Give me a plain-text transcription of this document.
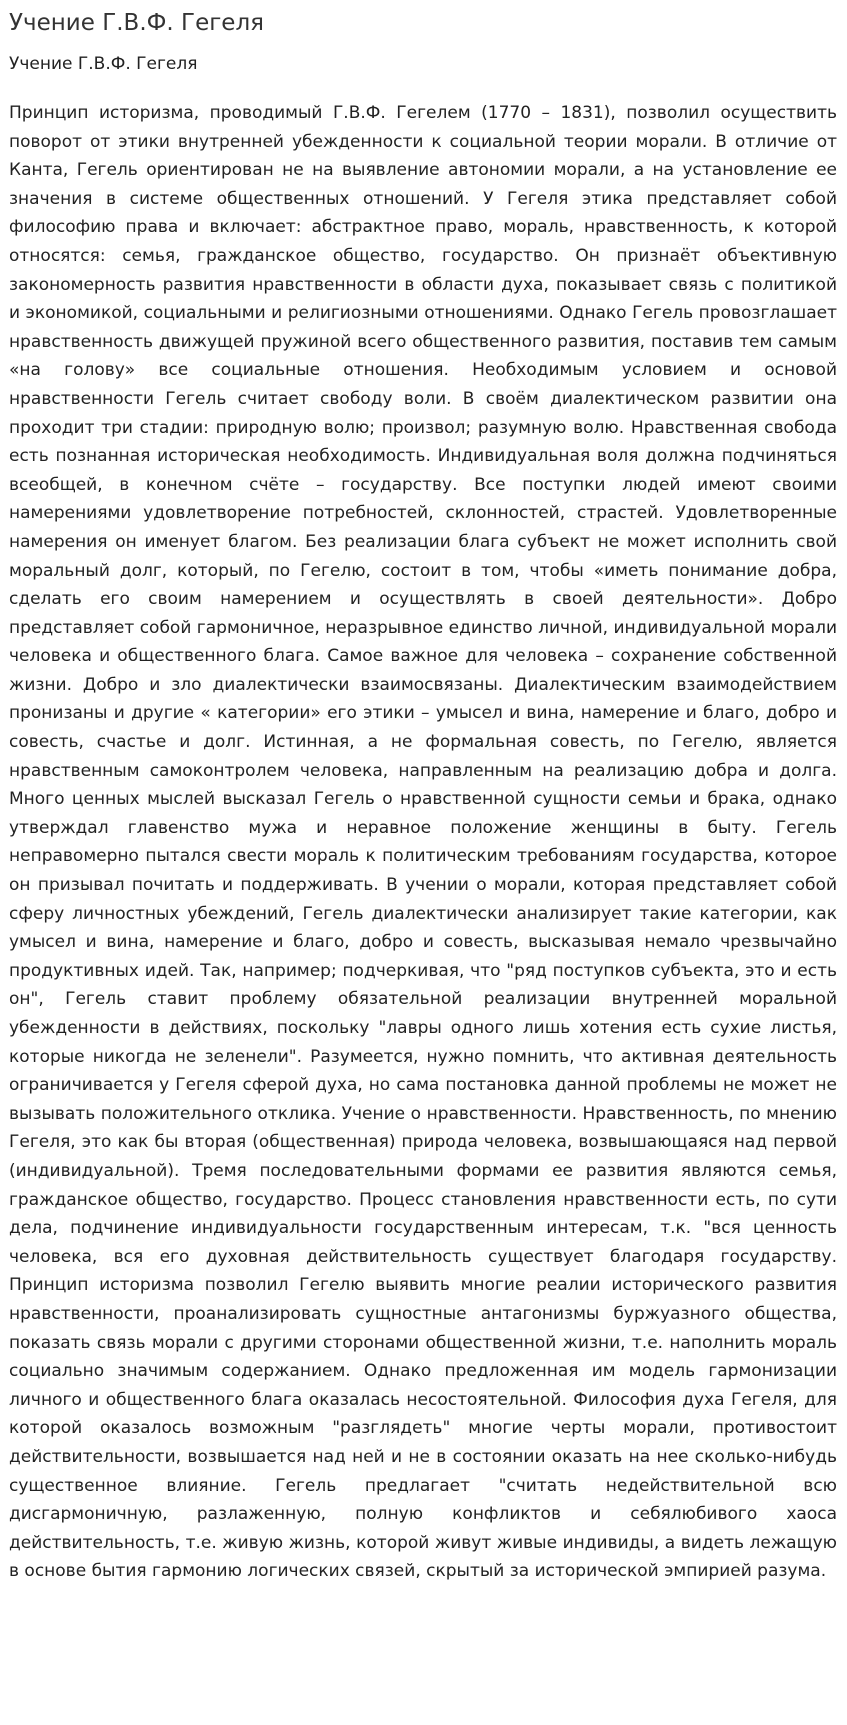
Учение Г.В.Ф. Гегеля
Учение Г.В.Ф. Гегеля

Принцип историзма, проводимый Г.В.Ф. Гегелем (1770 – 1831), позволил осуществить поворот от этики внутренней убежденности к социальной теории морали. В отличие от Канта, Гегель ориентирован не на выявление автономии морали, а на установление ее значения в системе общественных отношений. У Гегеля этика представляет собой философию права и включает: абстрактное право, мораль, нравственность, к которой относятся: семья, гражданское общество, государство. Он признаёт объективную закономерность развития нравственности в области духа, показывает связь с политикой и экономикой, социальными и религиозными отношениями. Однако Гегель провозглашает нравственность движущей пружиной всего общественного развития, поставив тем самым «на голову» все социальные отношения. Необходимым условием и основой нравственности Гегель считает свободу воли. В своём диалектическом развитии она проходит три стадии: природную волю; произвол; разумную волю. Нравственная свобода есть познанная историческая необходимость. Индивидуальная воля должна подчиняться всеобщей, в конечном счёте – государству. Все поступки людей имеют своими намерениями удовлетворение потребностей, склонностей, страстей. Удовлетворенные намерения он именует благом. Без реализации блага субъект не может исполнить свой моральный долг, который, по Гегелю, состоит в том, чтобы «иметь понимание добра, сделать его своим намерением и осуществлять в своей деятельности». Добро представляет собой гармоничное, неразрывное единство личной, индивидуальной морали человека и общественного блага. Самое важное для человека – сохранение собственной жизни. Добро и зло диалектически взаимосвязаны. Диалектическим взаимодействием пронизаны и другие « категории» его этики – умысел и вина, намерение и благо, добро и совесть, счастье и долг. Истинная, а не формальная совесть, по Гегелю, является нравственным самоконтролем человека, направленным на реализацию добра и долга. Много ценных мыслей высказал Гегель о нравственной сущности семьи и брака, однако утверждал главенство мужа и неравное положение женщины в быту. Гегель неправомерно пытался свести мораль к политическим требованиям государства, которое он призывал почитать и поддерживать. В учении о морали, которая представляет собой сферу личностных убеждений, Гегель диалектически анализирует такие категории, как умысел и вина, намерение и благо, добро и совесть, высказывая немало чрезвычайно продуктивных идей. Так, например; подчеркивая, что "ряд поступков субъекта, это и есть он", Гегель ставит проблему обязательной реализации внутренней моральной убежденности в действиях, поскольку "лавры одного лишь хотения есть сухие листья, которые никогда не зеленели". Разумеется, нужно помнить, что активная деятельность ограничивается у Гегеля сферой духа, но сама постановка данной проблемы не может не вызывать положительного отклика. Учение о нравственности. Нравственность, по мнению Гегеля, это как бы вторая (общественная) природа человека, возвышающаяся над первой (индивидуальной). Тремя последовательными формами ее развития являются семья, гражданское общество, государство. Процесс становления нравственности есть, по сути дела, подчинение индивидуальности государственным интересам, т.к. "вся ценность человека, вся его духовная действительность существует благодаря государству. Принцип историзма позволил Гегелю выявить многие реалии исторического развития нравственности, проанализировать сущностные антагонизмы буржуазного общества, показать связь морали с другими сторонами общественной жизни, т.е. наполнить мораль социально значимым содержанием. Однако предложенная им модель гармонизации личного и общественного блага оказалась несостоятельной. Философия духа Гегеля, для которой оказалось возможным "разглядеть" многие черты морали, противостоит действительности, возвышается над ней и не в состоянии оказать на нее сколько-нибудь существенное влияние. Гегель предлагает "считать недействительной всю дисгармоничную, разлаженную, полную конфликтов и себялюбивого хаоса действительность, т.е. живую жизнь, которой живут живые индивиды, а видеть лежащую в основе бытия гармонию логических связей, скрытый за исторической эмпирией разума.
